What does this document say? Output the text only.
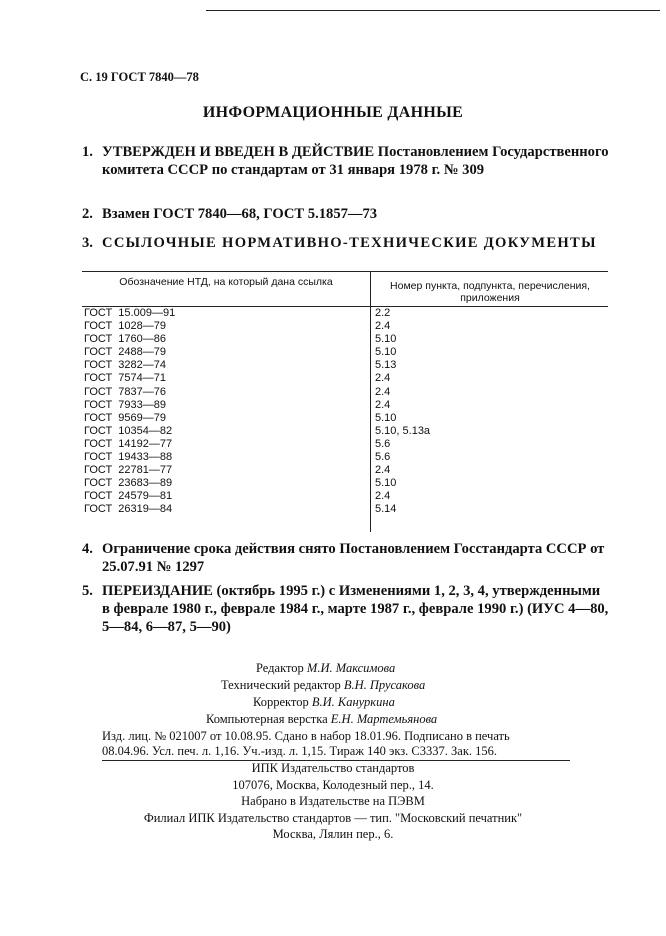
С. 19 ГОСТ 7840—78
ИНФОРМАЦИОННЫЕ ДАННЫЕ
1. УТВЕРЖДЕН И ВВЕДЕН В ДЕЙСТВИЕ Постановлением Государственного комитета СССР по стандартам от 31 января 1978 г. № 309
2. Взамен ГОСТ 7840—68, ГОСТ 5.1857—73
3. ССЫЛОЧНЫЕ НОРМАТИВНО-ТЕХНИЧЕСКИЕ ДОКУМЕНТЫ
Обозначение НТД, на который дана ссылка	Номер пункта, подпункта, перечисления, приложения
ГОСТ  15.009—91	2.2
ГОСТ  1028—79	2.4
ГОСТ  1760—86	5.10
ГОСТ  2488—79	5.10
ГОСТ  3282—74	5.13
ГОСТ  7574—71	2.4
ГОСТ  7837—76	2.4
ГОСТ  7933—89	2.4
ГОСТ  9569—79	5.10
ГОСТ  10354—82	5.10, 5.13а
ГОСТ  14192—77	5.6
ГОСТ  19433—88	5.6
ГОСТ  22781—77	2.4
ГОСТ  23683—89	5.10
ГОСТ  24579—81	2.4
ГОСТ  26319—84	5.14
4. Ограничение срока действия снято Постановлением Госстандарта СССР от 25.07.91 № 1297
5. ПЕРЕИЗДАНИЕ (октябрь 1995 г.) с Изменениями 1, 2, 3, 4, утвержденными в феврале 1980 г., феврале 1984 г., марте 1987 г., феврале 1990 г.) (ИУС 4—80, 5—84, 6—87, 5—90)
Редактор М.И. Максимова
Технический редактор В.Н. Прусакова
Корректор В.И. Кануркина
Компьютерная верстка Е.Н. Мартемьянова
Изд. лиц. № 021007 от 10.08.95. Сдано в набор 18.01.96. Подписано в печать
08.04.96. Усл. печ. л. 1,16. Уч.-изд. л. 1,15. Тираж 140 экз. С3337. Зак. 156.
ИПК Издательство стандартов
107076, Москва, Колодезный пер., 14.
Набрано в Издательстве на ПЭВМ
Филиал ИПК Издательство стандартов — тип. "Московский печатник"
Москва, Лялин пер., 6.
